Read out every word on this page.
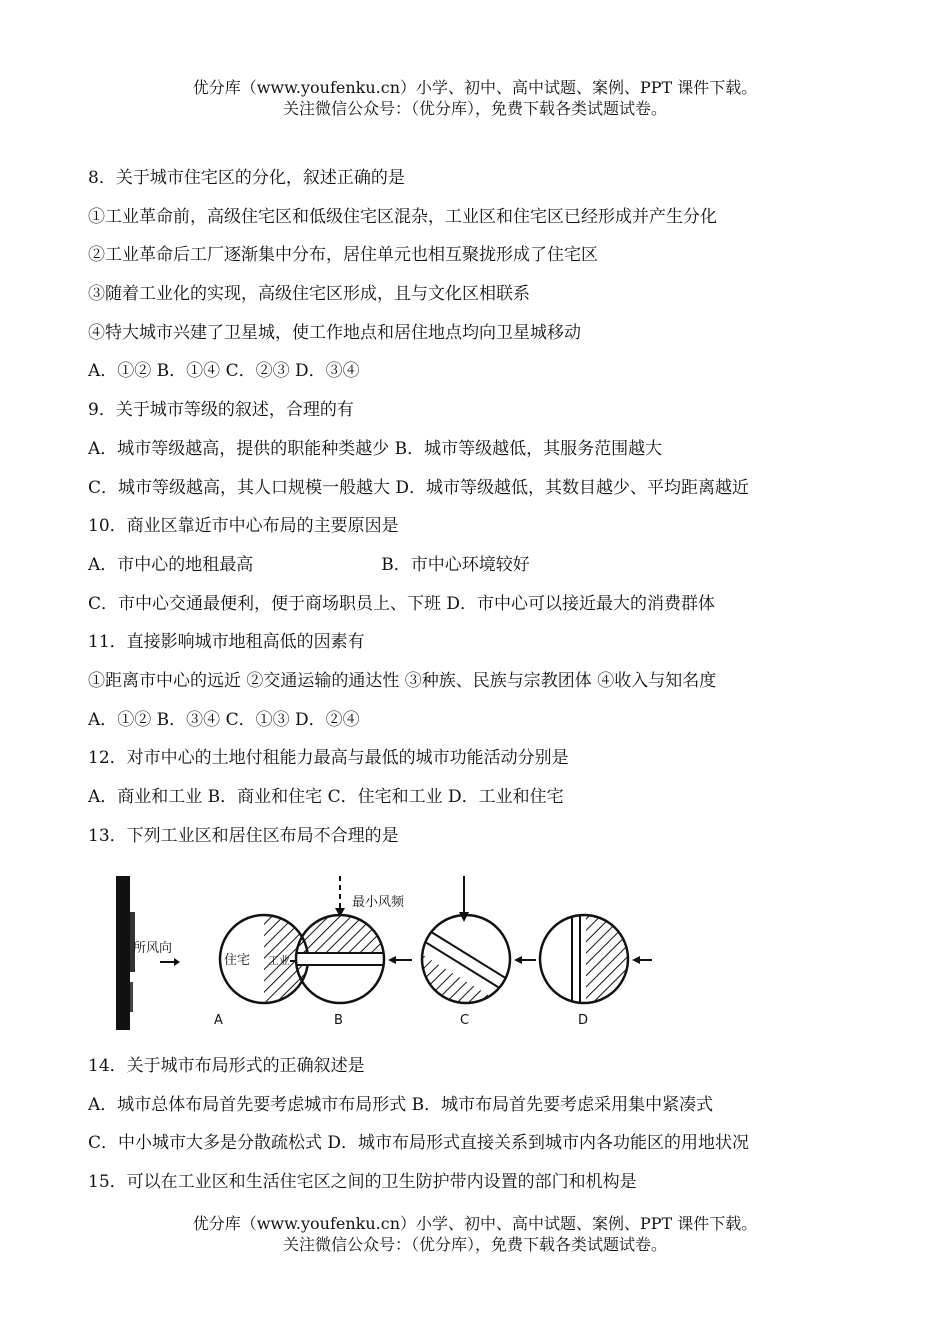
优分库（www.youfenku.cn）小学、初中、高中试题、案例、PPT 课件下载。
关注微信公众号：（优分库），免费下载各类试题试卷。
8．关于城市住宅区的分化，叙述正确的是
①工业革命前，高级住宅区和低级住宅区混杂，工业区和住宅区已经形成并产生分化
②工业革命后工厂逐渐集中分布，居住单元也相互聚拢形成了住宅区
③随着工业化的实现，高级住宅区形成，且与文化区相联系
④特大城市兴建了卫星城，使工作地点和居住地点均向卫星城移动
A．①② B．①④ C．②③ D．③④
9．关于城市等级的叙述，合理的有
A．城市等级越高，提供的职能种类越少 B．城市等级越低，其服务范围越大
C．城市等级越高，其人口规模一般越大 D．城市等级越低，其数目越少、平均距离越近
10．商业区靠近市中心布局的主要原因是
A．市中心的地租最高	B．市中心环境较好
C．市中心交通最便利，便于商场职员上、下班 D．市中心可以接近最大的消费群体
11．直接影响城市地租高低的因素有
①距离市中心的远近 ②交通运输的通达性 ③种族、民族与宗教团体 ④收入与知名度
A．①② B．③④ C．①③ D．②④
12．对市中心的土地付租能力最高与最低的城市功能活动分别是
A．商业和工业 B．商业和住宅 C．住宅和工业 D．工业和住宅
13．下列工业区和居住区布局不合理的是
所风向
住宅 工业
A	B
最小风频
C	D
14．关于城市布局形式的正确叙述是
A．城市总体布局首先要考虑城市布局形式 B．城市布局首先要考虑采用集中紧凑式
C．中小城市大多是分散疏松式 D．城市布局形式直接关系到城市内各功能区的用地状况
15．可以在工业区和生活住宅区之间的卫生防护带内设置的部门和机构是
优分库（www.youfenku.cn）小学、初中、高中试题、案例、PPT 课件下载。
关注微信公众号：（优分库），免费下载各类试题试卷。
